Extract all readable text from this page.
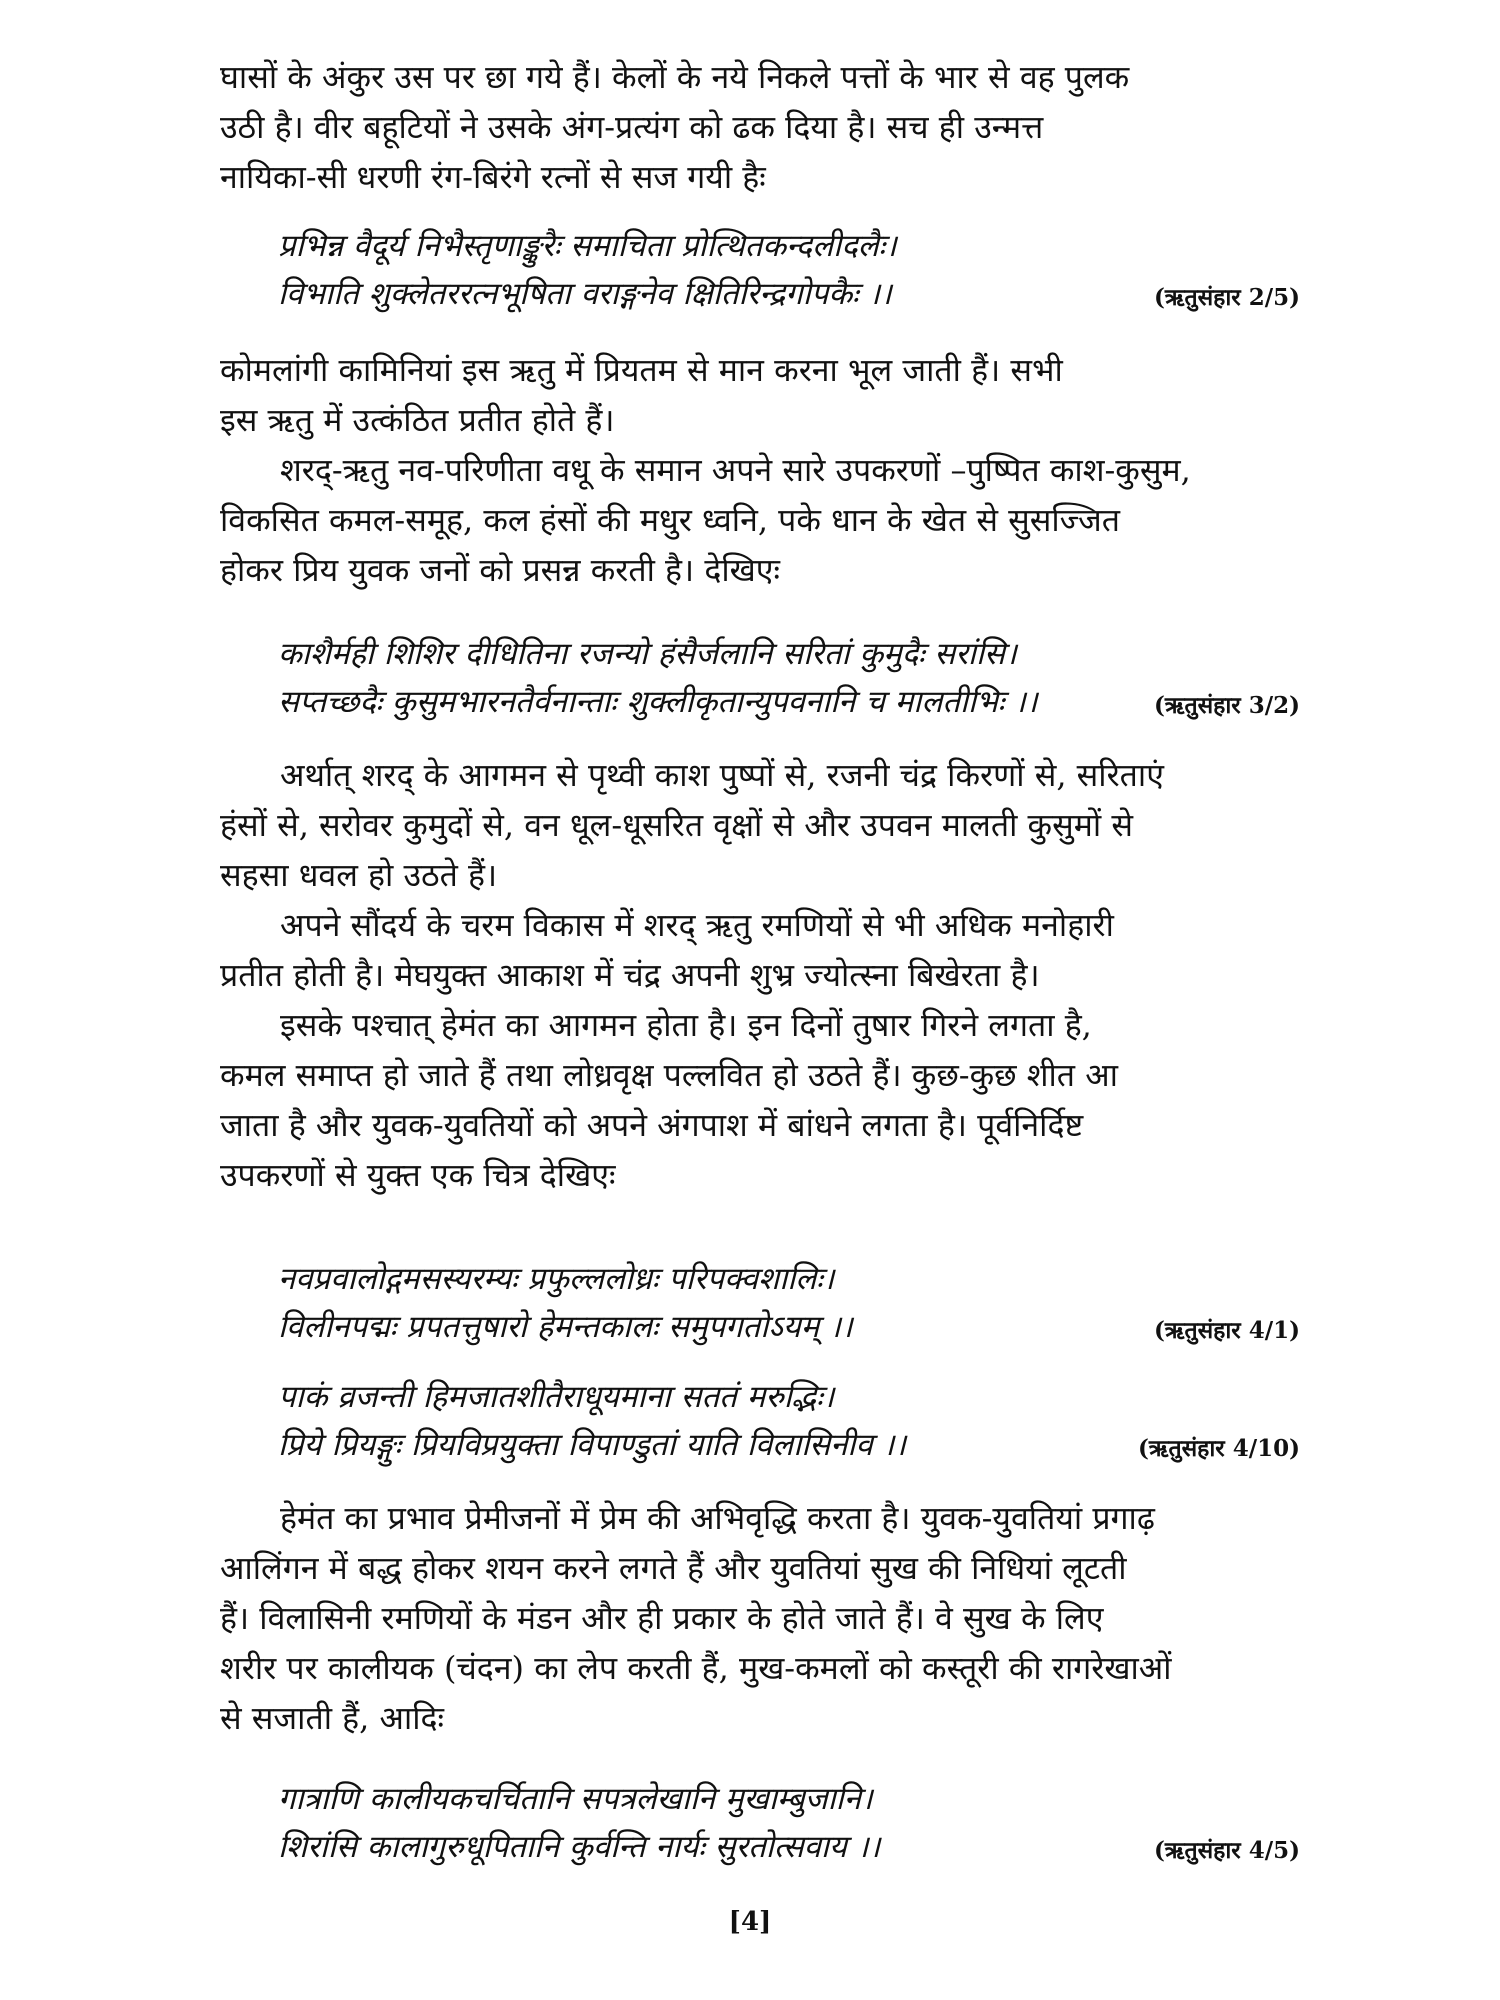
घासों के अंकुर उस पर छा गये हैं। केलों के नये निकले पत्तों के भार से वह पुलक
उठी है। वीर बहूटियों ने उसके अंग-प्रत्यंग को ढक दिया है। सच ही उन्मत्त
नायिका-सी धरणी रंग-बिरंगे रत्नों से सज गयी हैः
प्रभिन्न वैदूर्य निभैस्तृणाङ्कुरैः समाचिता प्रोत्थितकन्दलीदलैः।
विभाति शुक्लेतररत्नभूषिता वराङ्गनेव क्षितिरिन्द्रगोपकैः ।।	(ऋतुसंहार 2/5)
कोमलांगी कामिनियां इस ऋतु में प्रियतम से मान करना भूल जाती हैं। सभी
इस ऋतु में उत्कंठित प्रतीत होते हैं।
शरद्-ऋतु नव-परिणीता वधू के समान अपने सारे उपकरणों –पुष्पित काश-कुसुम,
विकसित कमल-समूह, कल हंसों की मधुर ध्वनि, पके धान के खेत से सुसज्जित
होकर प्रिय युवक जनों को प्रसन्न करती है। देखिएः
काशैर्मही शिशिर दीधितिना रजन्यो हंसैर्जलानि सरितां कुमुदैः सरांसि।
सप्तच्छदैः कुसुमभारनतैर्वनान्ताः शुक्लीकृतान्युपवनानि च मालतीभिः ।।	(ऋतुसंहार 3/2)
अर्थात् शरद् के आगमन से पृथ्वी काश पुष्पों से, रजनी चंद्र किरणों से, सरिताएं
हंसों से, सरोवर कुमुदों से, वन धूल-धूसरित वृक्षों से और उपवन मालती कुसुमों से
सहसा धवल हो उठते हैं।
अपने सौंदर्य के चरम विकास में शरद् ऋतु रमणियों से भी अधिक मनोहारी
प्रतीत होती है। मेघयुक्त आकाश में चंद्र अपनी शुभ्र ज्योत्स्ना बिखेरता है।
इसके पश्चात् हेमंत का आगमन होता है। इन दिनों तुषार गिरने लगता है,
कमल समाप्त हो जाते हैं तथा लोध्रवृक्ष पल्लवित हो उठते हैं। कुछ-कुछ शीत आ
जाता है और युवक-युवतियों को अपने अंगपाश में बांधने लगता है। पूर्वनिर्दिष्ट
उपकरणों से युक्त एक चित्र देखिएः
नवप्रवालोद्गमसस्यरम्यः प्रफुल्ललोध्रः परिपक्वशालिः।
विलीनपद्मः प्रपतत्तुषारो हेमन्तकालः समुपगतोऽयम् ।।	(ऋतुसंहार 4/1)
पाकं व्रजन्ती हिमजातशीतैराधूयमाना सततं मरुद्भिः।
प्रिये प्रियङ्गुः प्रियविप्रयुक्ता विपाण्डुतां याति विलासिनीव ।।	(ऋतुसंहार 4/10)
हेमंत का प्रभाव प्रेमीजनों में प्रेम की अभिवृद्धि करता है। युवक-युवतियां प्रगाढ़
आलिंगन में बद्ध होकर शयन करने लगते हैं और युवतियां सुख की निधियां लूटती
हैं। विलासिनी रमणियों के मंडन और ही प्रकार के होते जाते हैं। वे सुख के लिए
शरीर पर कालीयक (चंदन) का लेप करती हैं, मुख-कमलों को कस्तूरी की रागरेखाओं
से सजाती हैं, आदिः
गात्राणि कालीयकचर्चितानि सपत्रलेखानि मुखाम्बुजानि।
शिरांसि कालागुरुधूपितानि कुर्वन्ति नार्यः सुरतोत्सवाय ।।	(ऋतुसंहार 4/5)
[4]
